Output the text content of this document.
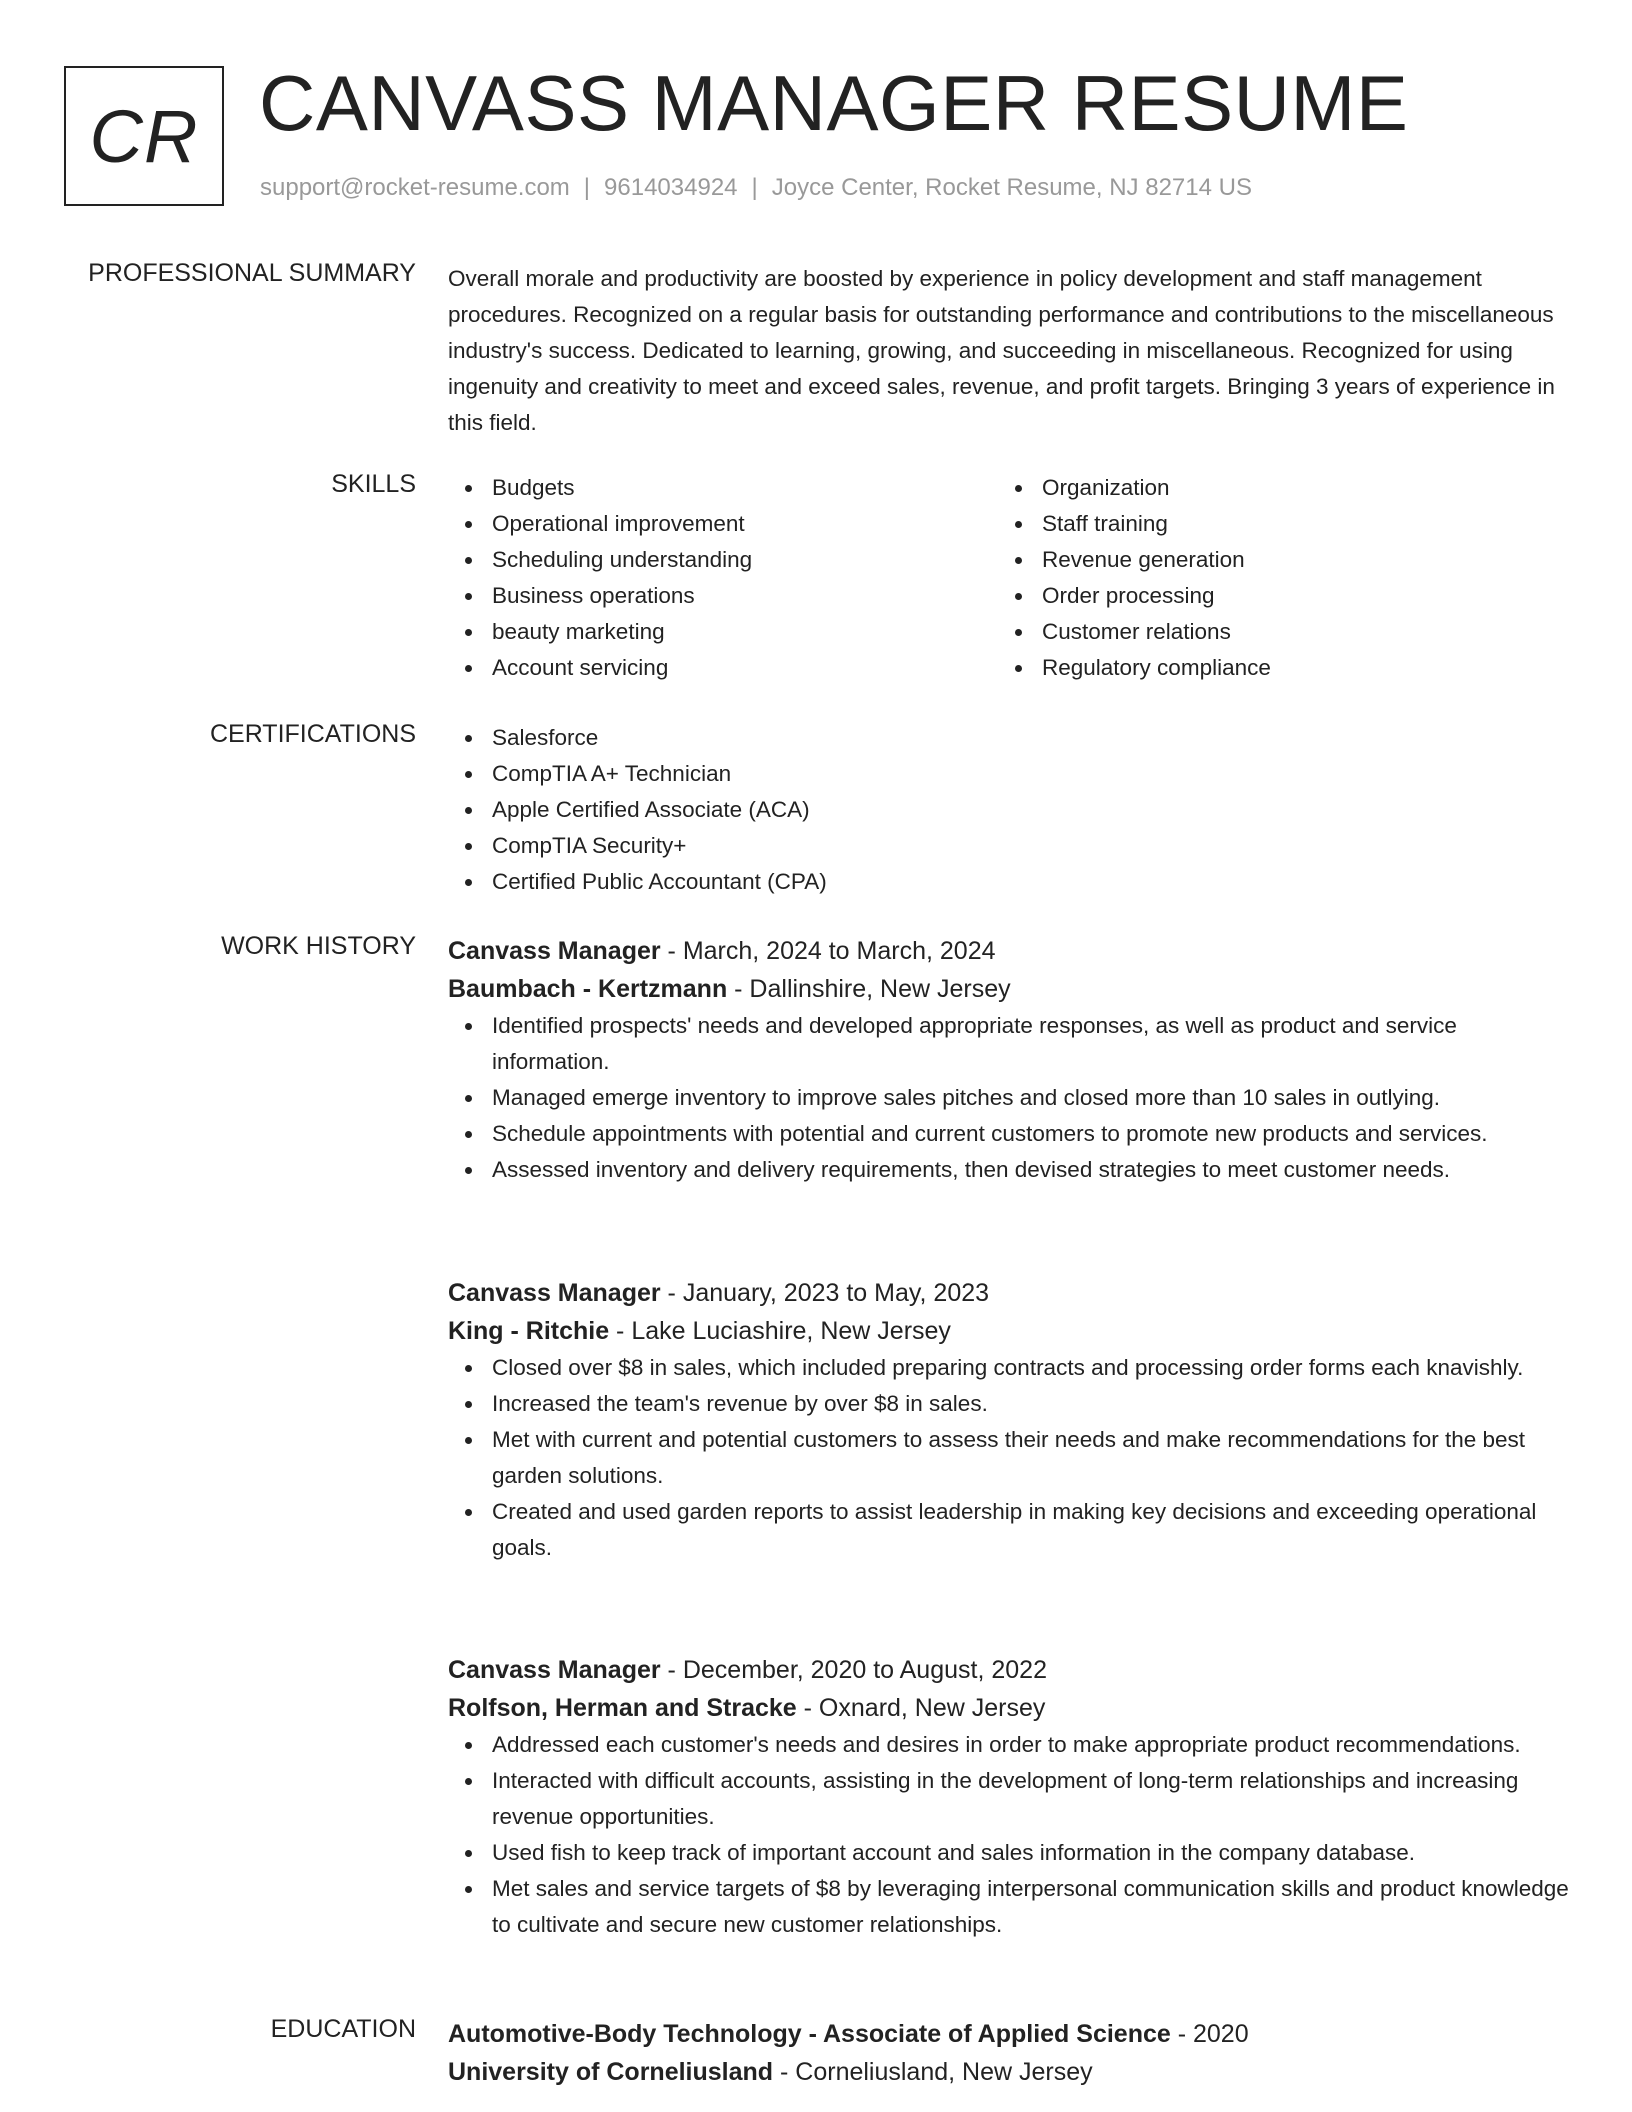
CR CANVASS MANAGER RESUME
support@rocket-resume.com | 9614034924 | Joyce Center, Rocket Resume, NJ 82714 US
PROFESSIONAL SUMMARY Overall morale and productivity are boosted by experience in policy development and staff management procedures. Recognized on a regular basis for outstanding performance and contributions to the miscellaneous industry's success. Dedicated to learning, growing, and succeeding in miscellaneous. Recognized for using ingenuity and creativity to meet and exceed sales, revenue, and profit targets. Bringing 3 years of experience in this field.

SKILLS	Budgets
Operational improvement
Scheduling understanding
Business operations
beauty marketing
Account servicing
Organization
Staff training
Revenue generation
Order processing
Customer relations
Regulatory compliance
CERTIFICATIONS	Salesforce
CompTIA A+ Technician
Apple Certified Associate (ACA)
CompTIA Security+
Certified Public Accountant (CPA)
WORK HISTORY Canvass Manager - March, 2024 to March, 2024
Baumbach - Kertzmann - Dallinshire, New Jersey
Identified prospects' needs and developed appropriate responses, as well as product and service information.
Managed emerge inventory to improve sales pitches and closed more than 10 sales in outlying.
Schedule appointments with potential and current customers to promote new products and services.
Assessed inventory and delivery requirements, then devised strategies to meet customer needs.
Canvass Manager - January, 2023 to May, 2023
King - Ritchie - Lake Luciashire, New Jersey
Closed over $8 in sales, which included preparing contracts and processing order forms each knavishly.
Increased the team's revenue by over $8 in sales.
Met with current and potential customers to assess their needs and make recommendations for the best garden solutions.
Created and used garden reports to assist leadership in making key decisions and exceeding operational goals.
Canvass Manager - December, 2020 to August, 2022
Rolfson, Herman and Stracke - Oxnard, New Jersey
Addressed each customer's needs and desires in order to make appropriate product recommendations.
Interacted with difficult accounts, assisting in the development of long-term relationships and increasing revenue opportunities.
Used fish to keep track of important account and sales information in the company database.
Met sales and service targets of $8 by leveraging interpersonal communication skills and product knowledge to cultivate and secure new customer relationships.
EDUCATION Automotive-Body Technology - Associate of Applied Science - 2020
University of Corneliusland - Corneliusland, New Jersey
